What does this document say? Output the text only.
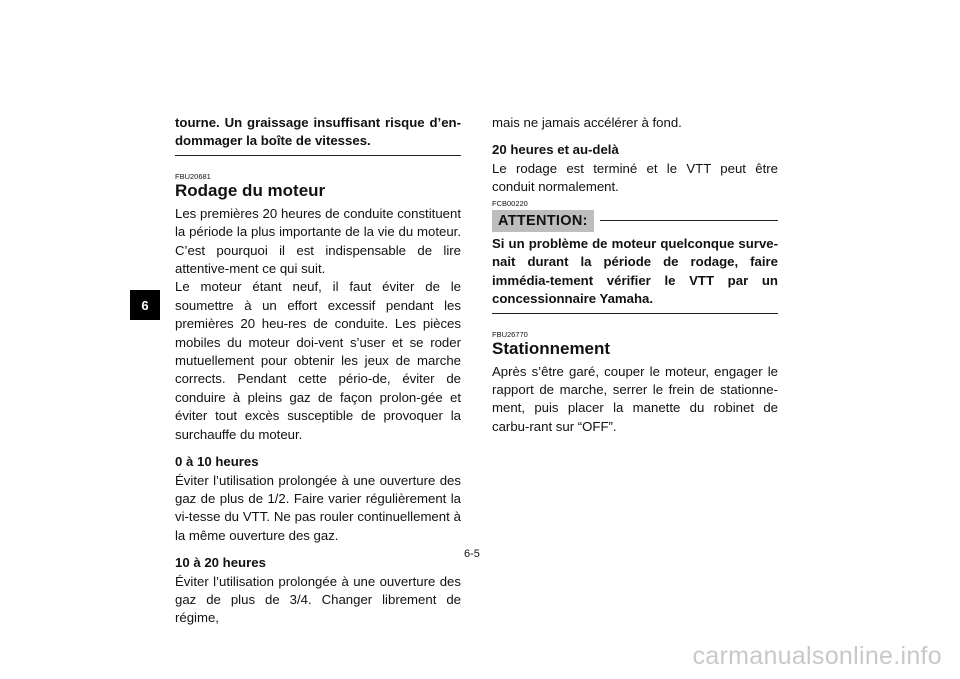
6

tourne. Un graissage insuffisant risque d’en-dommager la boîte de vitesses.

FBU20681
Rodage du moteur

Les premières 20 heures de conduite constituent la période la plus importante de la vie du moteur. C’est pourquoi il est indispensable de lire attentive-ment ce qui suit.

Le moteur étant neuf, il faut éviter de le soumettre à un effort excessif pendant les premières 20 heu-res de conduite. Les pièces mobiles du moteur doi-vent s’user et se roder mutuellement pour obtenir les jeux de marche corrects. Pendant cette pério-de, éviter de conduire à pleins gaz de façon prolon-gée et éviter tout excès susceptible de provoquer la surchauffe du moteur.

0 à 10 heures

Éviter l’utilisation prolongée à une ouverture des gaz de plus de 1/2. Faire varier régulièrement la vi-tesse du VTT. Ne pas rouler continuellement à la même ouverture des gaz.

10 à 20 heures

Éviter l’utilisation prolongée à une ouverture des gaz de plus de 3/4. Changer librement de régime,

mais ne jamais accélérer à fond.

20 heures et au-delà

Le rodage est terminé et le VTT peut être conduit normalement.

FCB00220
ATTENTION:

Si un problème de moteur quelconque surve-nait durant la période de rodage, faire immédia-tement vérifier le VTT par un concessionnaire Yamaha.

FBU26770
Stationnement

Après s’être garé, couper le moteur, engager le rapport de marche, serrer le frein de stationne-ment, puis placer la manette du robinet de carbu-rant sur “OFF”.

6-5
carmanualsonline.info
